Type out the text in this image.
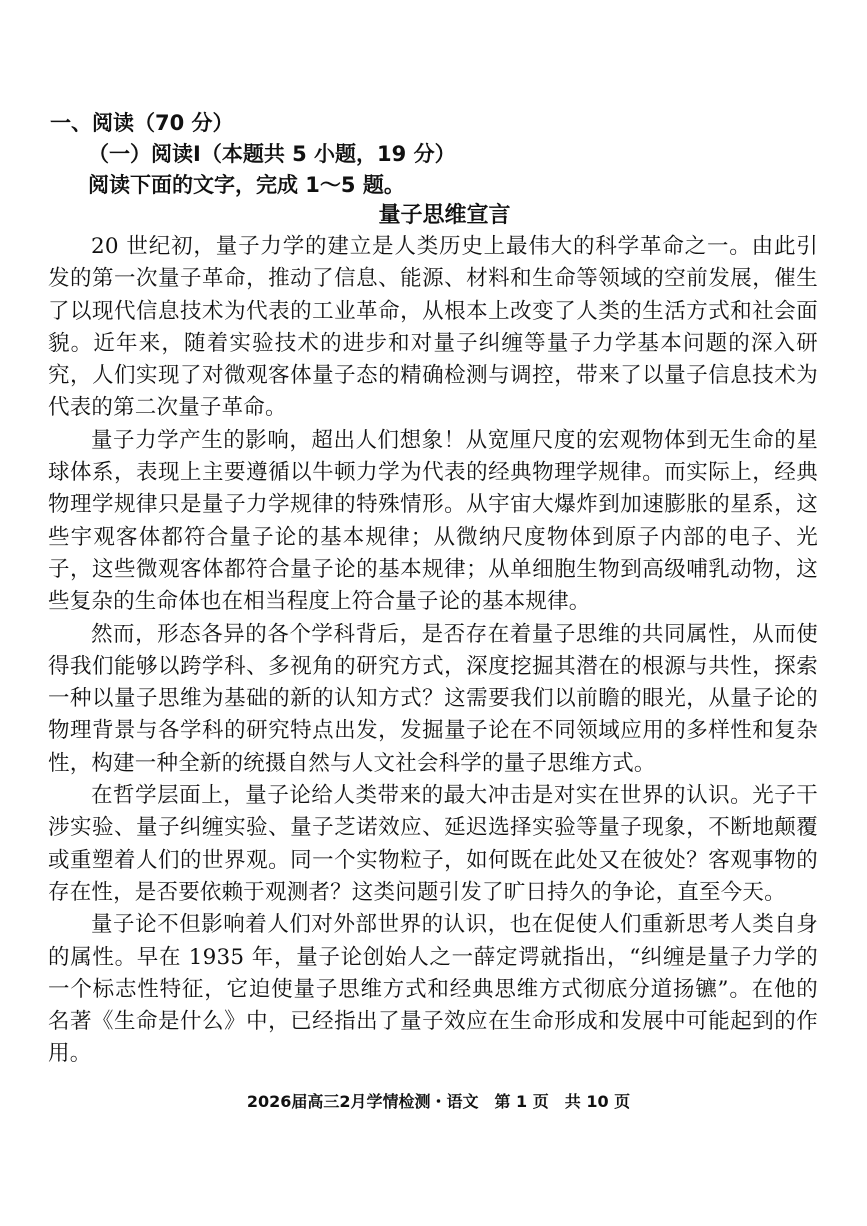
一、阅读（70 分）
（一）阅读Ⅰ（本题共 5 小题，19 分）
阅读下面的文字，完成 1～5 题。
量子思维宣言

20 世纪初，量子力学的建立是人类历史上最伟大的科学革命之一。由此引发的第一次量子革命，推动了信息、能源、材料和生命等领域的空前发展，催生了以现代信息技术为代表的工业革命，从根本上改变了人类的生活方式和社会面貌。近年来，随着实验技术的进步和对量子纠缠等量子力学基本问题的深入研究，人们实现了对微观客体量子态的精确检测与调控，带来了以量子信息技术为代表的第二次量子革命。

量子力学产生的影响，超出人们想象！从宽厘尺度的宏观物体到无生命的星球体系，表现上主要遵循以牛顿力学为代表的经典物理学规律。而实际上，经典物理学规律只是量子力学规律的特殊情形。从宇宙大爆炸到加速膨胀的星系，这些宇观客体都符合量子论的基本规律；从微纳尺度物体到原子内部的电子、光子，这些微观客体都符合量子论的基本规律；从单细胞生物到高级哺乳动物，这些复杂的生命体也在相当程度上符合量子论的基本规律。

然而，形态各异的各个学科背后，是否存在着量子思维的共同属性，从而使得我们能够以跨学科、多视角的研究方式，深度挖掘其潜在的根源与共性，探索一种以量子思维为基础的新的认知方式？这需要我们以前瞻的眼光，从量子论的物理背景与各学科的研究特点出发，发掘量子论在不同领域应用的多样性和复杂性，构建一种全新的统摄自然与人文社会科学的量子思维方式。

在哲学层面上，量子论给人类带来的最大冲击是对实在世界的认识。光子干涉实验、量子纠缠实验、量子芝诺效应、延迟选择实验等量子现象，不断地颠覆或重塑着人们的世界观。同一个实物粒子，如何既在此处又在彼处？客观事物的存在性，是否要依赖于观测者？这类问题引发了旷日持久的争论，直至今天。

量子论不但影响着人们对外部世界的认识，也在促使人们重新思考人类自身的属性。早在 1935 年，量子论创始人之一薛定谔就指出，“纠缠是量子力学的一个标志性特征，它迫使量子思维方式和经典思维方式彻底分道扬镳”。在他的名著《生命是什么》中，已经指出了量子效应在生命形成和发展中可能起到的作用。

2026届高三2月学情检测・语文　第 1 页　共 10 页
